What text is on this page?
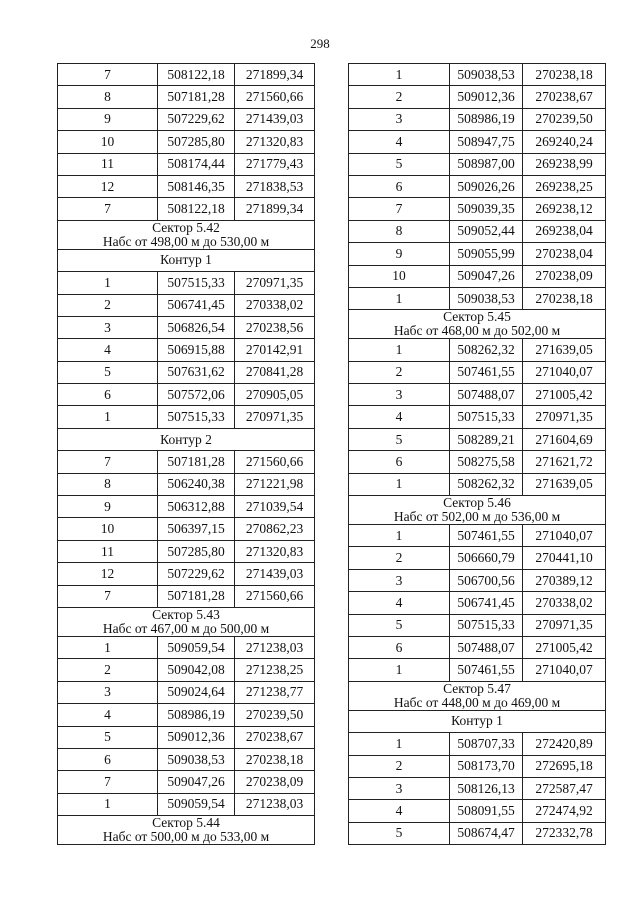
298
7	508122,18	271899,34
8	507181,28	271560,66
9	507229,62	271439,03
10	507285,80	271320,83
11	508174,44	271779,43
12	508146,35	271838,53
7	508122,18	271899,34

Сектор 5.42
Набс от 498,00 м до 530,00 м		

Контур 1		
1	507515,33	270971,35
2	506741,45	270338,02
3	506826,54	270238,56
4	506915,88	270142,91
5	507631,62	270841,28
6	507572,06	270905,05
1	507515,33	270971,35
Контур 2		
7	507181,28	271560,66
8	506240,38	271221,98
9	506312,88	271039,54
10	506397,15	270862,23
11	507285,80	271320,83
12	507229,62	271439,03
7	507181,28	271560,66

Сектор 5.43
Набс от 467,00 м до 500,00 м		

1	509059,54	271238,03
2	509042,08	271238,25
3	509024,64	271238,77
4	508986,19	270239,50
5	509012,36	270238,67
6	509038,53	270238,18
7	509047,26	270238,09
1	509059,54	271238,03

Сектор 5.44
Набс от 500,00 м до 533,00 м		
1	509038,53	270238,18
2	509012,36	270238,67
3	508986,19	270239,50
4	508947,75	269240,24
5	508987,00	269238,99
6	509026,26	269238,25
7	509039,35	269238,12
8	509052,44	269238,04
9	509055,99	270238,04
10	509047,26	270238,09
1	509038,53	270238,18

Сектор 5.45
Набс от 468,00 м до 502,00 м		

1	508262,32	271639,05
2	507461,55	271040,07
3	507488,07	271005,42
4	507515,33	270971,35
5	508289,21	271604,69
6	508275,58	271621,72
1	508262,32	271639,05

Сектор 5.46
Набс от 502,00 м до 536,00 м		

1	507461,55	271040,07
2	506660,79	270441,10
3	506700,56	270389,12
4	506741,45	270338,02
5	507515,33	270971,35
6	507488,07	271005,42
1	507461,55	271040,07

Сектор 5.47
Набс от 448,00 м до 469,00 м		

Контур 1		
1	508707,33	272420,89
2	508173,70	272695,18
3	508126,13	272587,47
4	508091,55	272474,92
5	508674,47	272332,78
